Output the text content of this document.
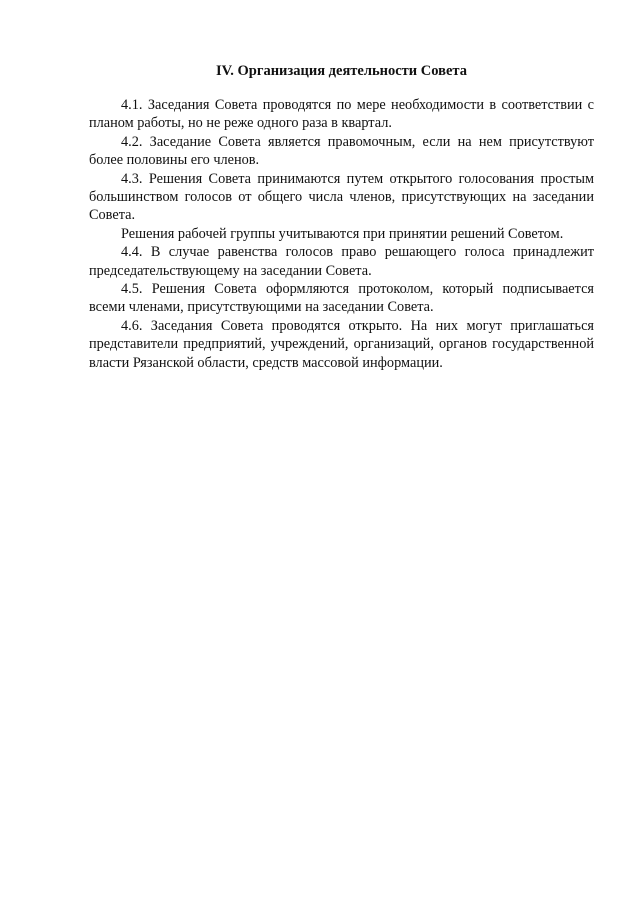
IV. Организация деятельности Совета

4.1. Заседания Совета проводятся по мере необходимости в соответствии с планом работы, но не реже одного раза в квартал.

4.2. Заседание Совета является правомочным, если на нем присутствуют более половины его членов.

4.3. Решения Совета принимаются путем открытого голосования простым большинством голосов от общего числа членов, присутствующих на заседании Совета.

Решения рабочей группы учитываются при принятии решений Советом.

4.4. В случае равенства голосов право решающего голоса принадлежит председательствующему на заседании Совета.

4.5. Решения Совета оформляются протоколом, который подписывается всеми членами, присутствующими на заседании Совета.

4.6. Заседания Совета проводятся открыто. На них могут приглашаться представители предприятий, учреждений, организаций, органов государственной власти Рязанской области, средств массовой информации.
